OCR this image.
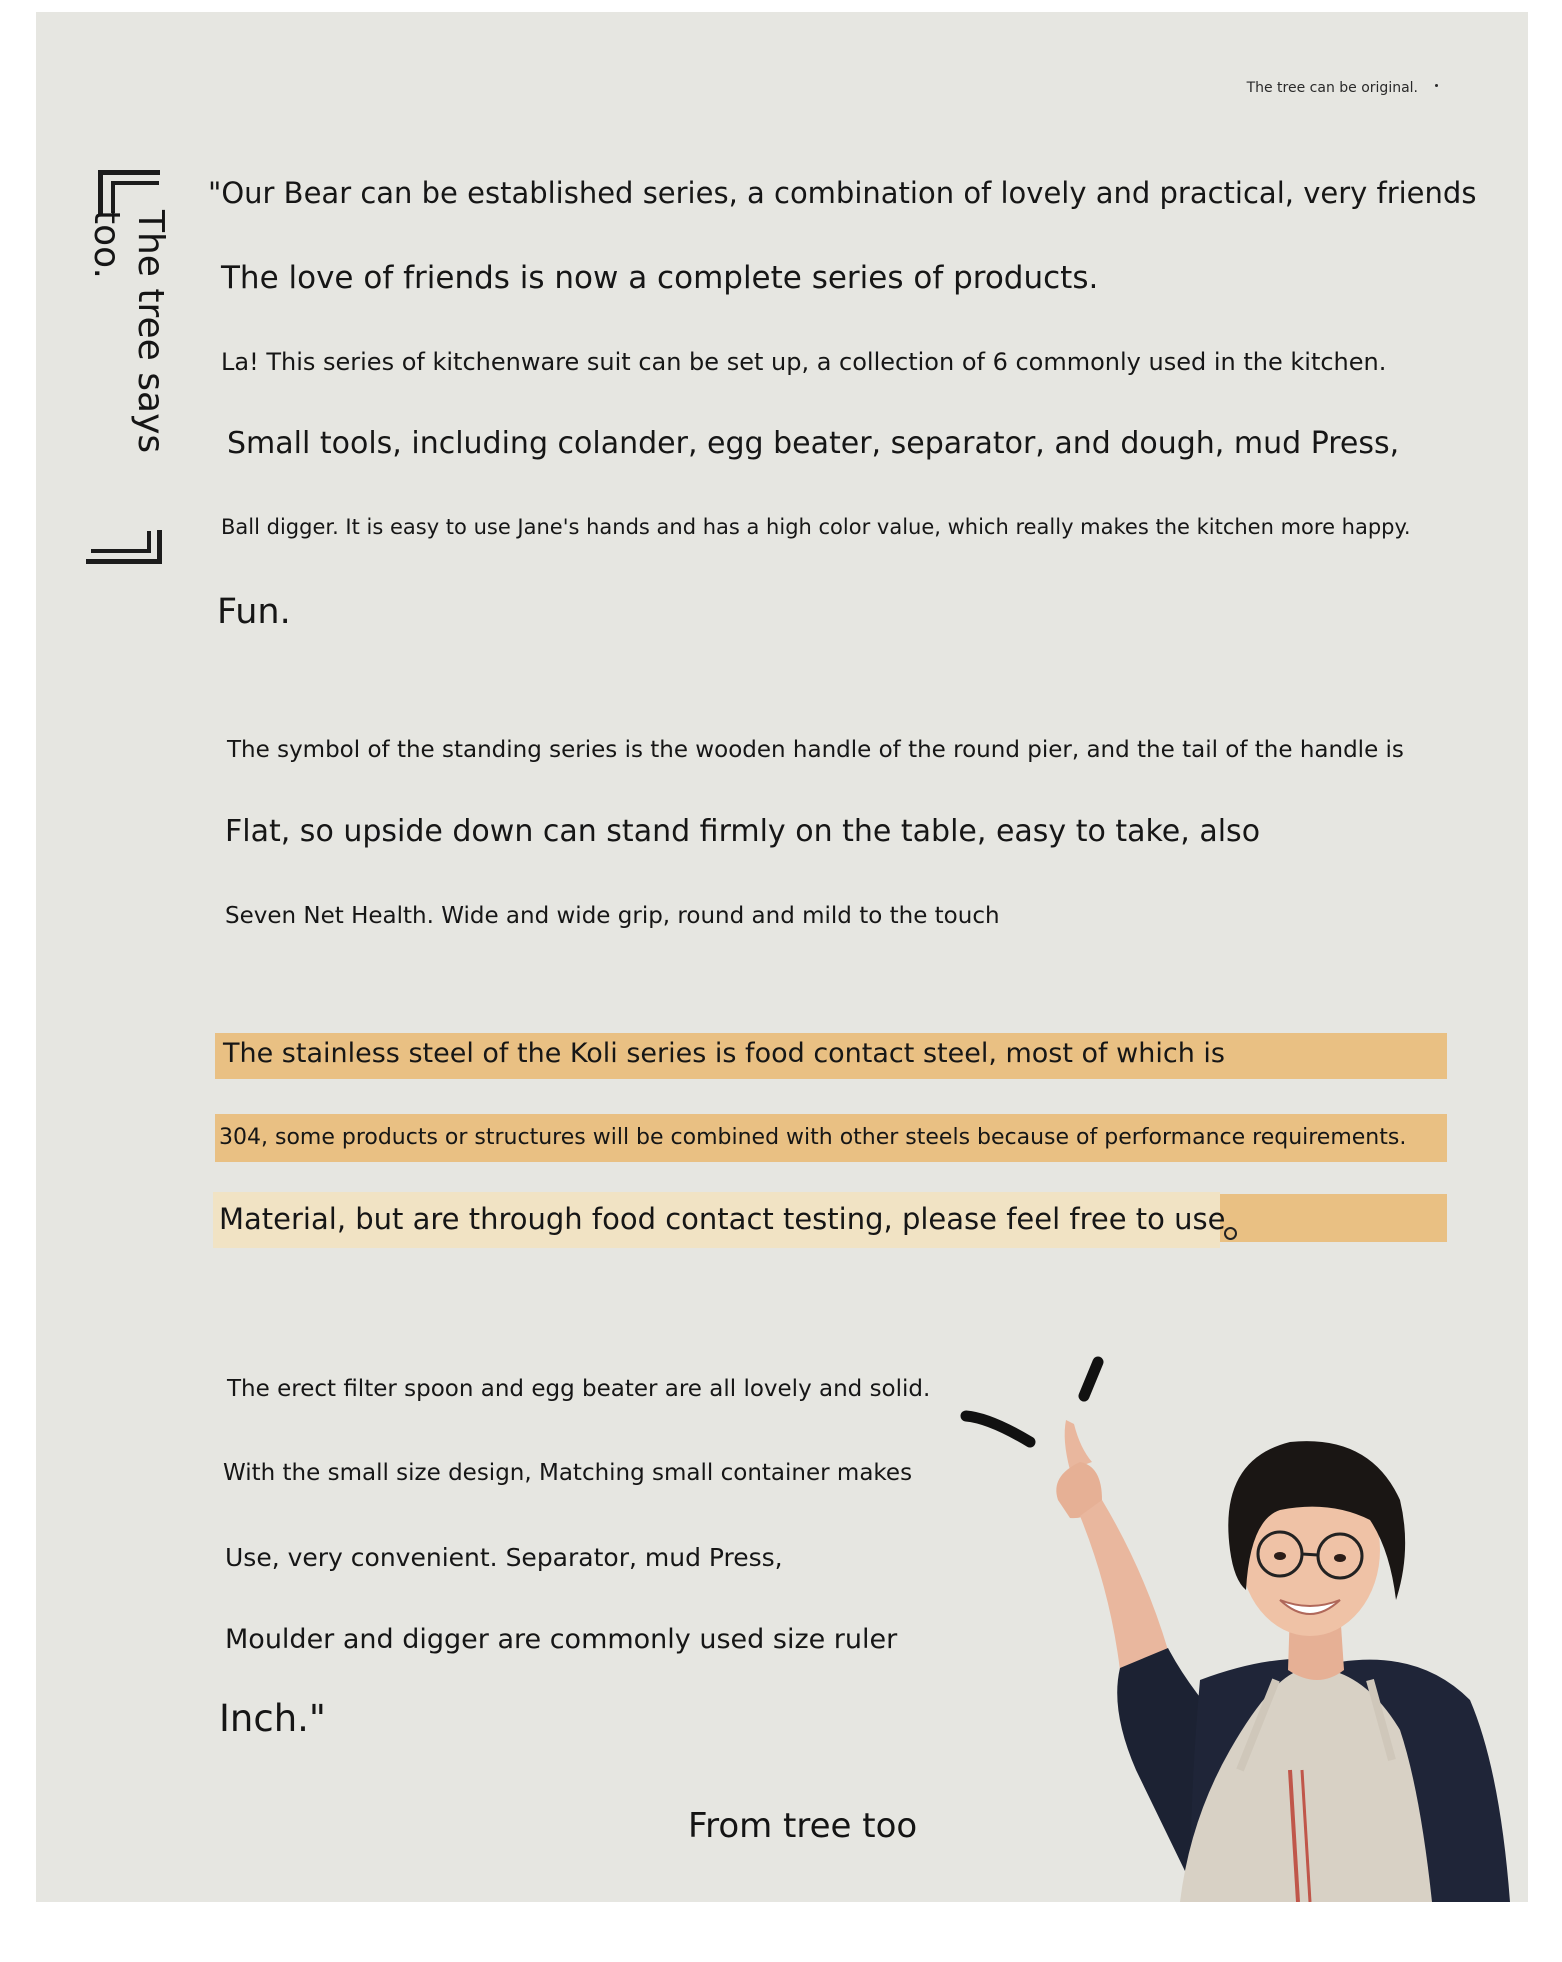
The tree can be original.
The tree says
too.
"Our Bear can be established series, a combination of lovely and practical, very friends
The love of friends is now a complete series of products.
La! This series of kitchenware suit can be set up, a collection of 6 commonly used in the kitchen.
Small tools, including colander, egg beater, separator, and dough, mud Press,
Ball digger. It is easy to use Jane's hands and has a high color value, which really makes the kitchen more happy.
Fun.
The symbol of the standing series is the wooden handle of the round pier, and the tail of the handle is
Flat, so upside down can stand firmly on the table, easy to take, also
Seven Net Health. Wide and wide grip, round and mild to the touch
The stainless steel of the Koli series is food contact steel, most of which is
304, some products or structures will be combined with other steels because of performance requirements.
Material, but are through food contact testing, please feel free to use
The erect filter spoon and egg beater are all lovely and solid.
With the small size design, Matching small container makes
Use, very convenient. Separator, mud Press,
Moulder and digger are commonly used size ruler
Inch."
From tree too
